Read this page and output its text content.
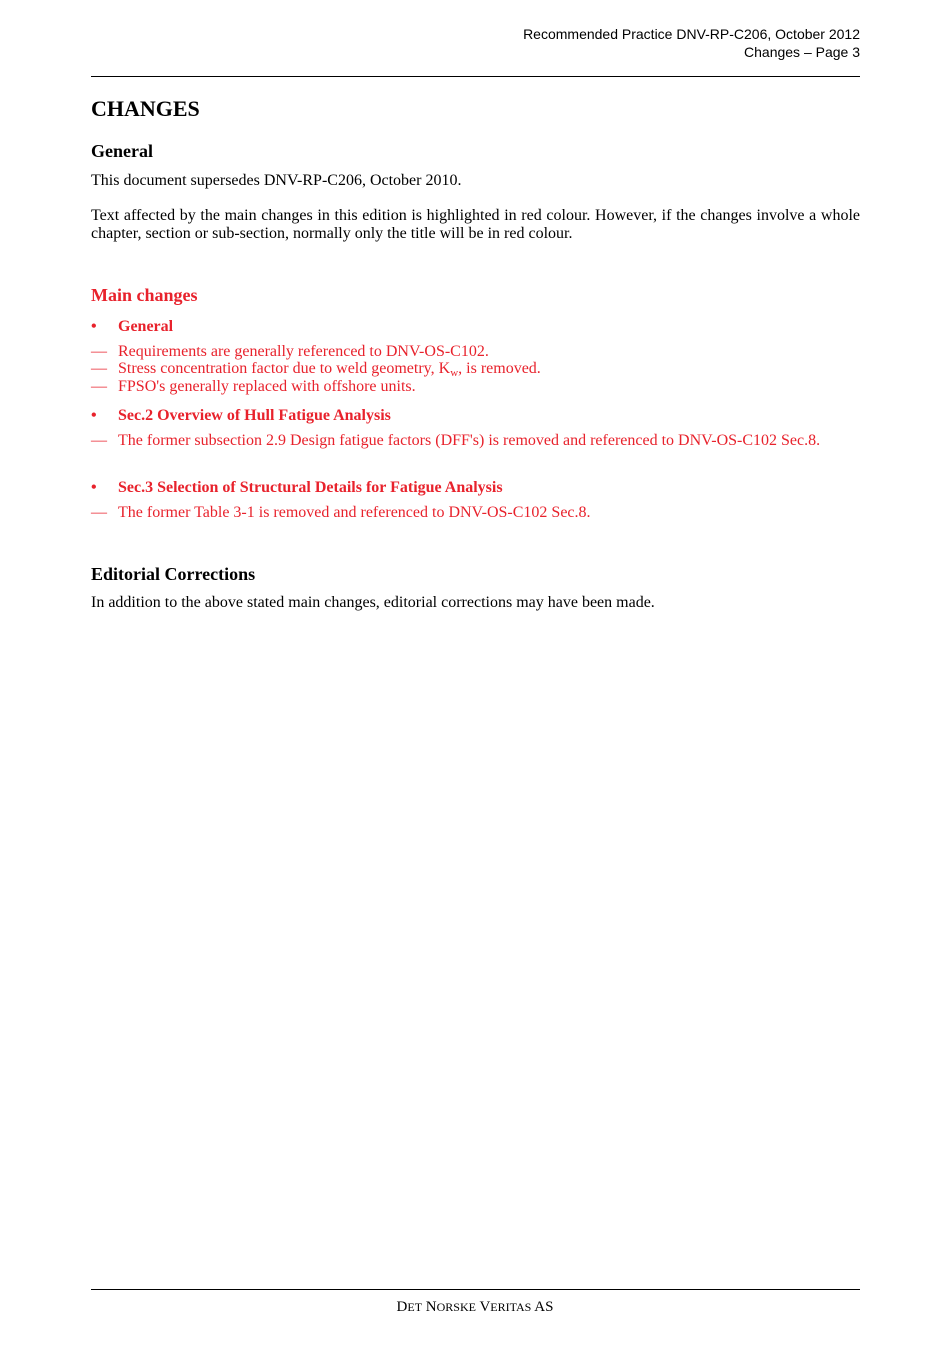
Recommended Practice DNV-RP-C206, October 2012
Changes – Page 3
CHANGES
General
This document supersedes DNV-RP-C206, October 2010.
Text affected by the main changes in this edition is highlighted in red colour. However, if the changes involve a whole chapter, section or sub-section, normally only the title will be in red colour.
Main changes
• General
— Requirements are generally referenced to DNV-OS-C102.
— Stress concentration factor due to weld geometry, $K_w$, is removed.
— FPSO's generally replaced with offshore units.
• Sec.2 Overview of Hull Fatigue Analysis
— The former subsection 2.9 Design fatigue factors (DFF's) is removed and referenced to DNV-OS-C102 Sec.8.
• Sec.3 Selection of Structural Details for Fatigue Analysis
— The former Table 3-1 is removed and referenced to DNV-OS-C102 Sec.8.
Editorial Corrections
In addition to the above stated main changes, editorial corrections may have been made.
DET NORSKE VERITAS AS
